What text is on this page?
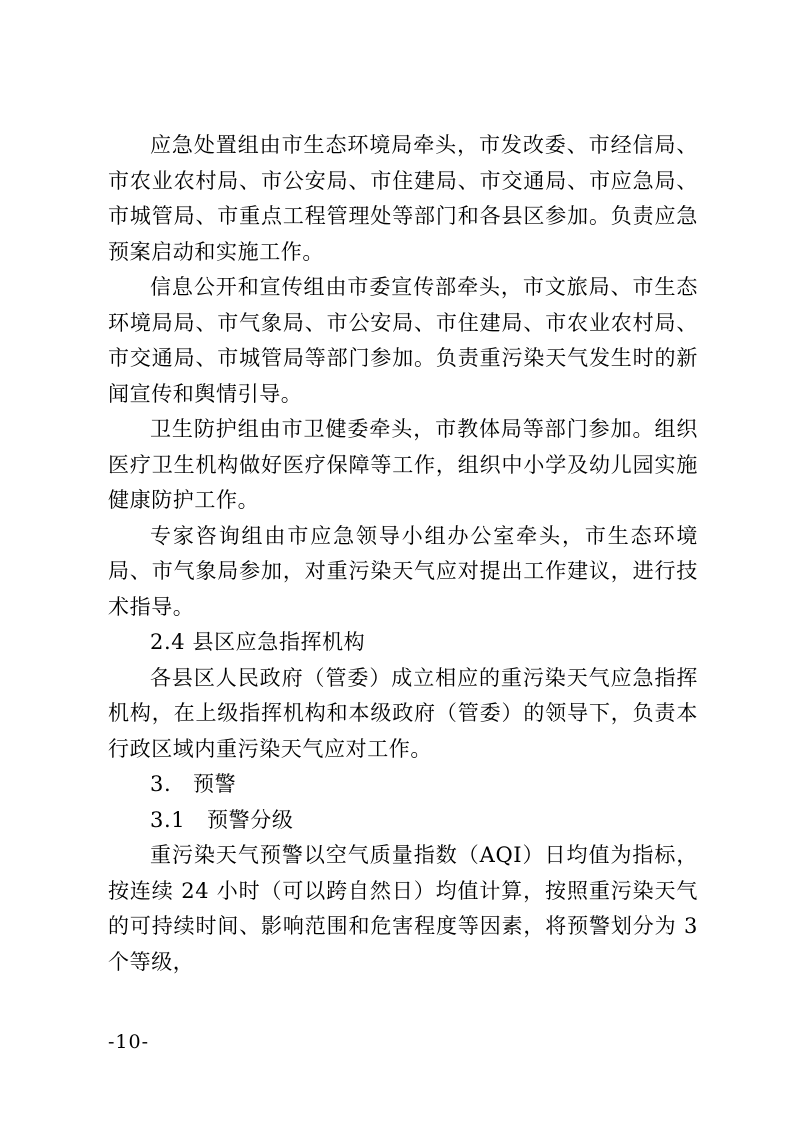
应急处置组由市生态环境局牵头，市发改委、市经信局、市农业农村局、市公安局、市住建局、市交通局、市应急局、市城管局、市重点工程管理处等部门和各县区参加。负责应急预案启动和实施工作。

信息公开和宣传组由市委宣传部牵头，市文旅局、市生态环境局局、市气象局、市公安局、市住建局、市农业农村局、市交通局、市城管局等部门参加。负责重污染天气发生时的新闻宣传和舆情引导。

卫生防护组由市卫健委牵头，市教体局等部门参加。组织医疗卫生机构做好医疗保障等工作，组织中小学及幼儿园实施健康防护工作。

专家咨询组由市应急领导小组办公室牵头，市生态环境局、市气象局参加，对重污染天气应对提出工作建议，进行技术指导。

2.4 县区应急指挥机构

各县区人民政府（管委）成立相应的重污染天气应急指挥机构，在上级指挥机构和本级政府（管委）的领导下，负责本行政区域内重污染天气应对工作。

3.   预警

3.1   预警分级

重污染天气预警以空气质量指数（AQI）日均值为指标，按连续 24 小时（可以跨自然日）均值计算，按照重污染天气的可持续时间、影响范围和危害程度等因素，将预警划分为 3 个等级，

-10-
